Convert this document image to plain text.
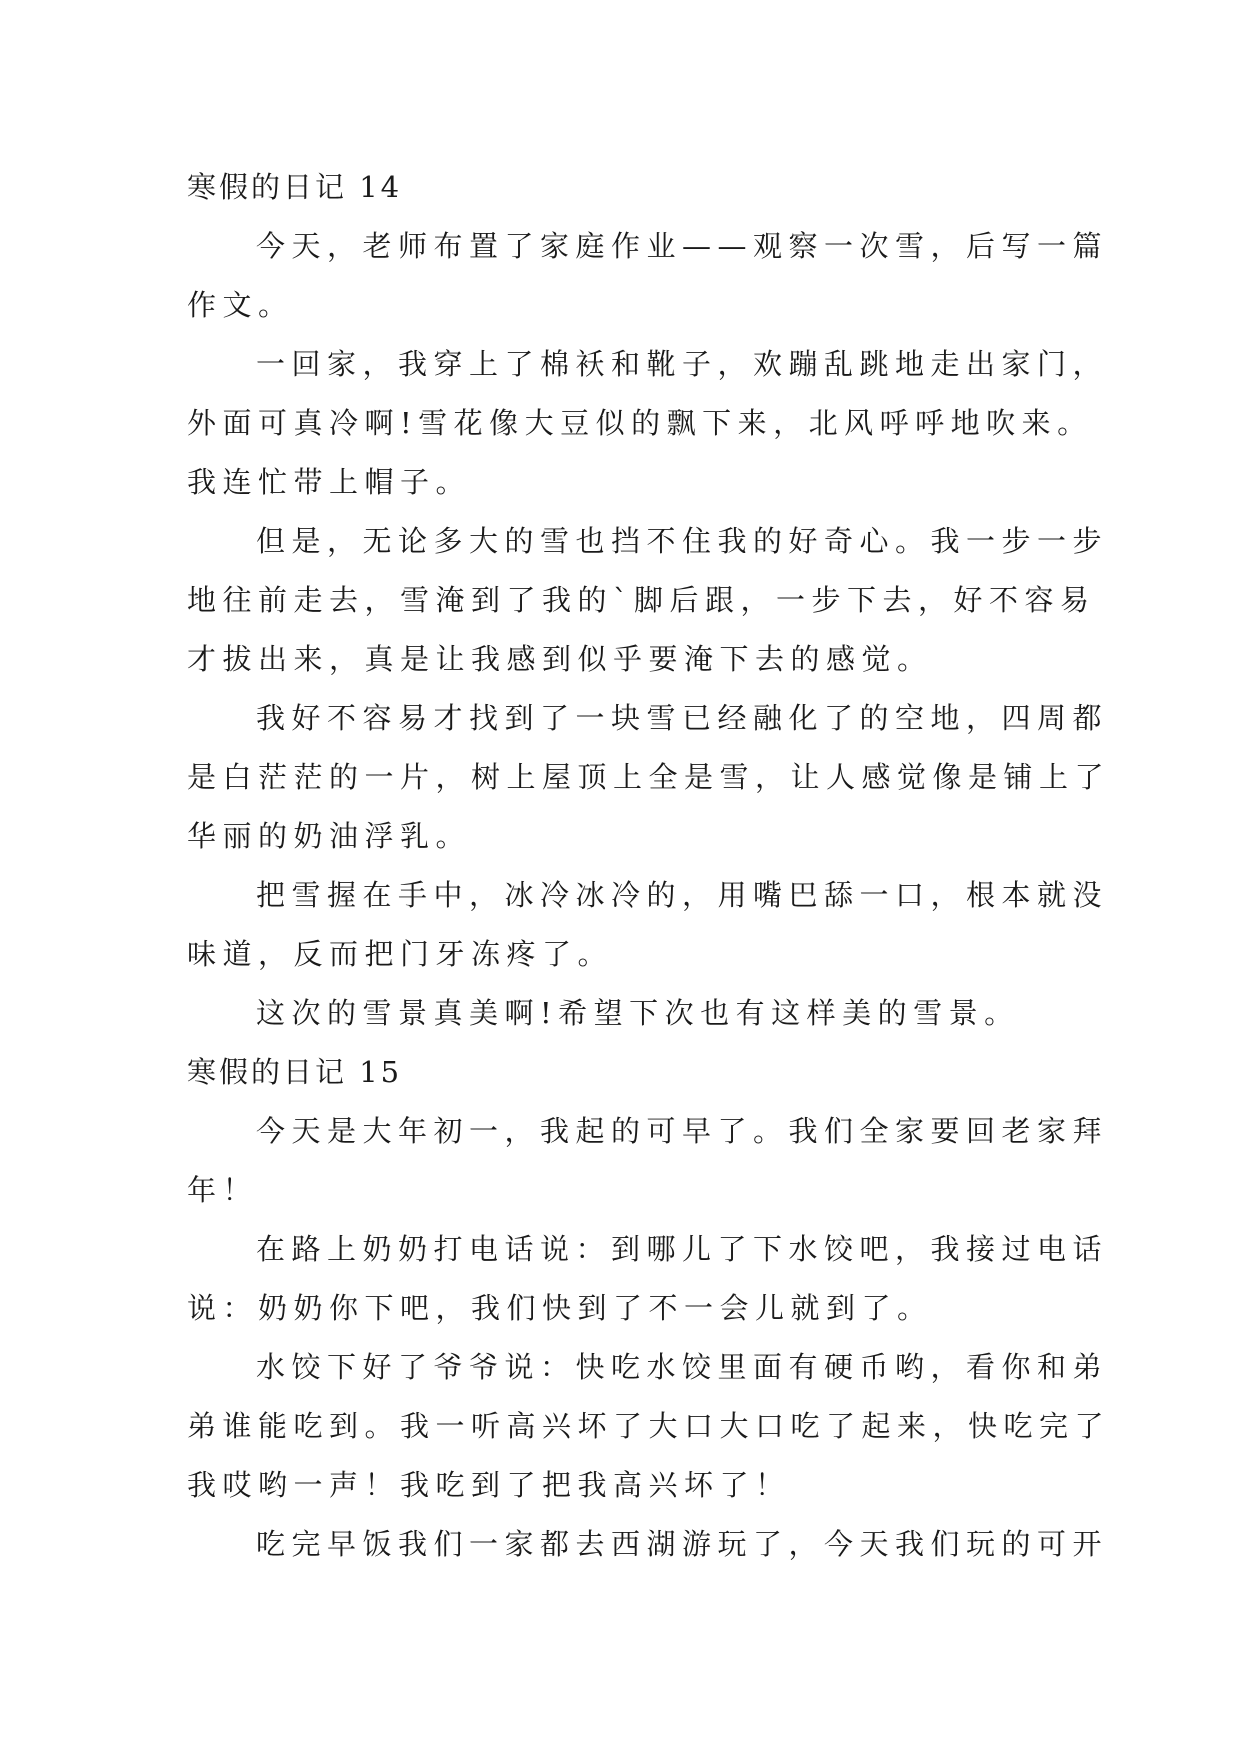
寒假的日记 14
今天，老师布置了家庭作业——观察一次雪，后写一篇
作文。
一回家，我穿上了棉袄和靴子，欢蹦乱跳地走出家门，
外面可真冷啊!雪花像大豆似的飘下来，北风呼呼地吹来。
我连忙带上帽子。
但是，无论多大的雪也挡不住我的好奇心。我一步一步
地往前走去，雪淹到了我的`脚后跟，一步下去，好不容易
才拔出来，真是让我感到似乎要淹下去的感觉。
我好不容易才找到了一块雪已经融化了的空地，四周都
是白茫茫的一片，树上屋顶上全是雪，让人感觉像是铺上了
华丽的奶油浮乳。
把雪握在手中，冰冷冰冷的，用嘴巴舔一口，根本就没
味道，反而把门牙冻疼了。
这次的雪景真美啊!希望下次也有这样美的雪景。
寒假的日记 15
今天是大年初一，我起的可早了。我们全家要回老家拜
年！
在路上奶奶打电话说：到哪儿了下水饺吧，我接过电话
说：奶奶你下吧，我们快到了不一会儿就到了。
水饺下好了爷爷说：快吃水饺里面有硬币哟，看你和弟
弟谁能吃到。我一听高兴坏了大口大口吃了起来，快吃完了
我哎哟一声！我吃到了把我高兴坏了！
吃完早饭我们一家都去西湖游玩了，今天我们玩的可开
